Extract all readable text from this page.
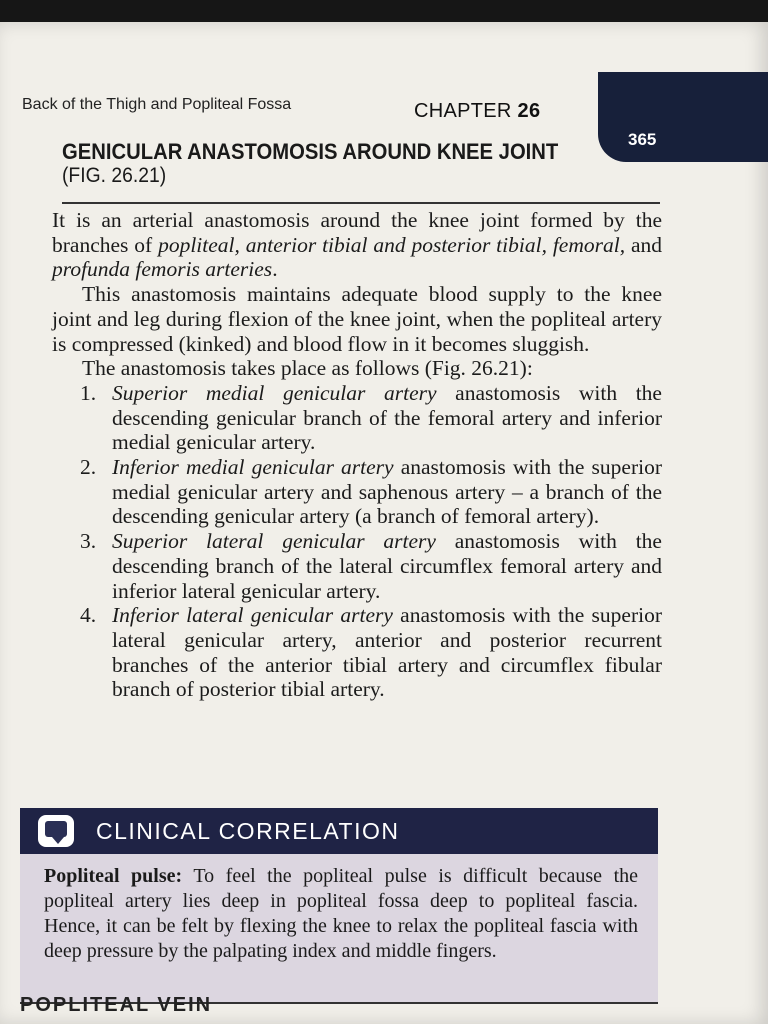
Back of the Thigh and Popliteal Fossa	CHAPTER 26
365
GENICULAR ANASTOMOSIS AROUND KNEE JOINT
(FIG. 26.21)

It is an arterial anastomosis around the knee joint formed by the branches of popliteal, anterior tibial and posterior tibial, femoral, and profunda femoris arteries.

This anastomosis maintains adequate blood supply to the knee joint and leg during flexion of the knee joint, when the popliteal artery is compressed (kinked) and blood flow in it becomes sluggish.

The anastomosis takes place as follows (Fig. 26.21):

1. Superior medial genicular artery anastomosis with the descending genicular branch of the femoral artery and inferior medial genicular artery.
2. Inferior medial genicular artery anastomosis with the superior medial genicular artery and saphenous artery – a branch of the descending genicular artery (a branch of femoral artery).
3. Superior lateral genicular artery anastomosis with the descending branch of the lateral circumflex femoral artery and inferior lateral genicular artery.
4. Inferior lateral genicular artery anastomosis with the superior lateral genicular artery, anterior and posterior recurrent branches of the anterior tibial artery and circumflex fibular branch of posterior tibial artery.
CLINICAL CORRELATION
Popliteal pulse: To feel the popliteal pulse is difficult because the popliteal artery lies deep in popliteal fossa deep to popliteal fascia. Hence, it can be felt by flexing the knee to relax the popliteal fascia with deep pressure by the palpating index and middle fingers.
